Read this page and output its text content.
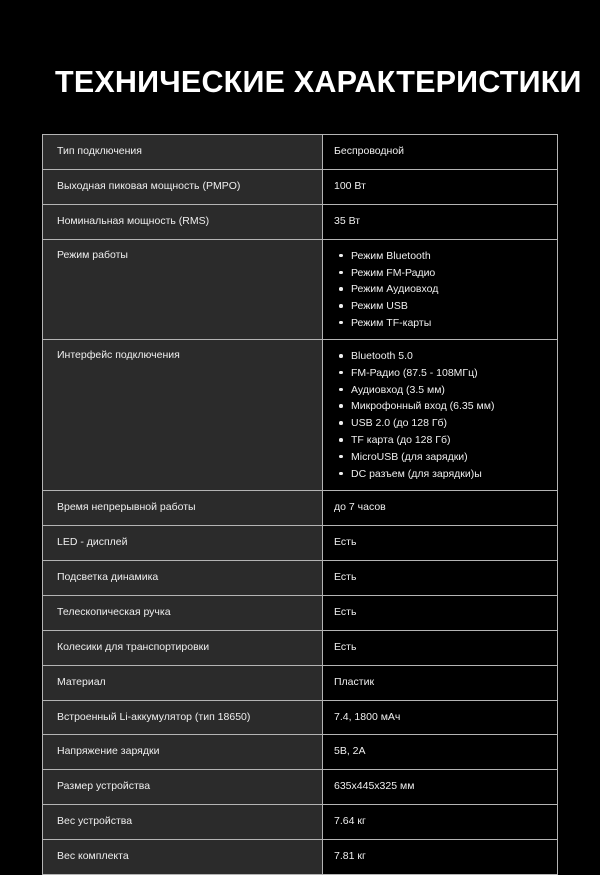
ТЕХНИЧЕСКИЕ ХАРАКТЕРИСТИКИ
Тип подключения	Беспроводной
Выходная пиковая мощность (PMPO)	100 Вт
Номинальная мощность (RMS)	35 Вт
Режим работы	Режим Bluetooth
Режим FM-Радио
Режим Аудиовход
Режим USB
Режим TF-карты

Интерфейс подключения	Bluetooth 5.0
FM-Радио (87.5 - 108МГц)
Аудиовход (3.5 мм)
Микрофонный вход (6.35 мм)
USB 2.0 (до 128 Гб)
TF карта (до 128 Гб)
MicroUSB (для зарядки)
DC разъем (для зарядки)ы

Время непрерывной работы	до 7 часов
LED - дисплей	Есть
Подсветка динамика	Есть
Телескопическая ручка	Есть
Колесики для транспортировки	Есть
Материал	Пластик
Встроенный Li-аккумулятор (тип 18650)	7.4, 1800 мАч
Напряжение зарядки	5В, 2А
Размер устройства	635x445x325 мм
Вес устройства	7.64 кг
Вес комплекта	7.81 кг
